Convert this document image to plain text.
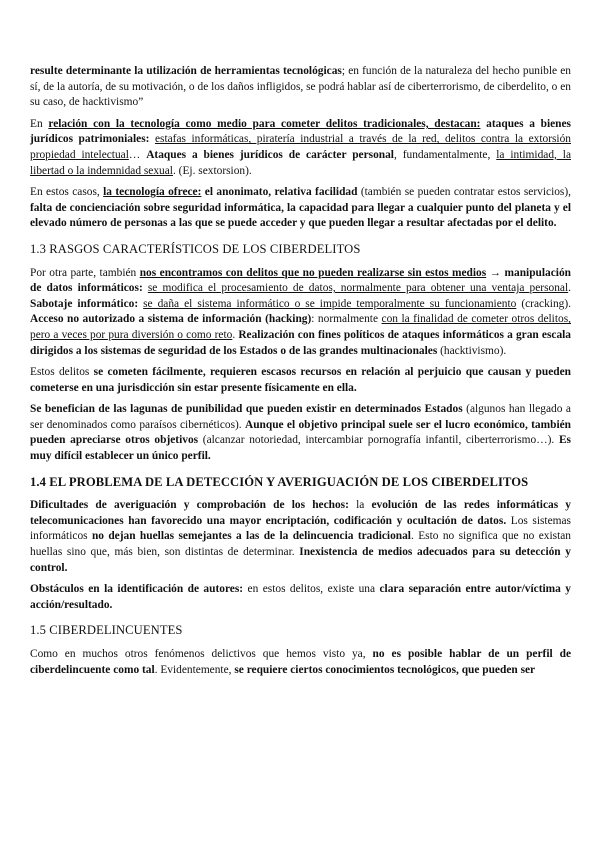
resulte determinante la utilización de herramientas tecnológicas; en función de la naturaleza del hecho punible en sí, de la autoría, de su motivación, o de los daños infligidos, se podrá hablar así de ciberterrorismo, de ciberdelito, o en su caso, de hacktivismo”

En relación con la tecnología como medio para cometer delitos tradicionales, destacan: ataques a bienes jurídicos patrimoniales: estafas informáticas, piratería industrial a través de la red, delitos contra la extorsión propiedad intelectual… Ataques a bienes jurídicos de carácter personal, fundamentalmente, la intimidad, la libertad o la indemnidad sexual. (Ej. sextorsion).

En estos casos, la tecnología ofrece: el anonimato, relativa facilidad (también se pueden contratar estos servicios), falta de concienciación sobre seguridad informática, la capacidad para llegar a cualquier punto del planeta y el elevado número de personas a las que se puede acceder y que pueden llegar a resultar afectadas por el delito.

1.3 RASGOS CARACTERÍSTICOS DE LOS CIBERDELITOS

Por otra parte, también nos encontramos con delitos que no pueden realizarse sin estos medios → manipulación de datos informáticos: se modifica el procesamiento de datos, normalmente para obtener una ventaja personal. Sabotaje informático: se daña el sistema informático o se impide temporalmente su funcionamiento (cracking). Acceso no autorizado a sistema de información (hacking): normalmente con la finalidad de cometer otros delitos, pero a veces por pura diversión o como reto. Realización con fines políticos de ataques informáticos a gran escala dirigidos a los sistemas de seguridad de los Estados o de las grandes multinacionales (hacktivismo).

Estos delitos se cometen fácilmente, requieren escasos recursos en relación al perjuicio que causan y pueden cometerse en una jurisdicción sin estar presente físicamente en ella.

Se benefician de las lagunas de punibilidad que pueden existir en determinados Estados (algunos han llegado a ser denominados como paraísos cibernéticos). Aunque el objetivo principal suele ser el lucro económico, también pueden apreciarse otros objetivos (alcanzar notoriedad, intercambiar pornografía infantil, ciberterrorismo…). Es muy difícil establecer un único perfil.

1.4 EL PROBLEMA DE LA DETECCIÓN Y AVERIGUACIÓN DE LOS CIBERDELITOS

Dificultades de averiguación y comprobación de los hechos: la evolución de las redes informáticas y telecomunicaciones han favorecido una mayor encriptación, codificación y ocultación de datos. Los sistemas informáticos no dejan huellas semejantes a las de la delincuencia tradicional. Esto no significa que no existan huellas sino que, más bien, son distintas de determinar. Inexistencia de medios adecuados para su detección y control.

Obstáculos en la identificación de autores: en estos delitos, existe una clara separación entre autor/víctima y acción/resultado.

1.5 CIBERDELINCUENTES

Como en muchos otros fenómenos delictivos que hemos visto ya, no es posible hablar de un perfil de ciberdelincuente como tal. Evidentemente, se requiere ciertos conocimientos tecnológicos, que pueden ser
